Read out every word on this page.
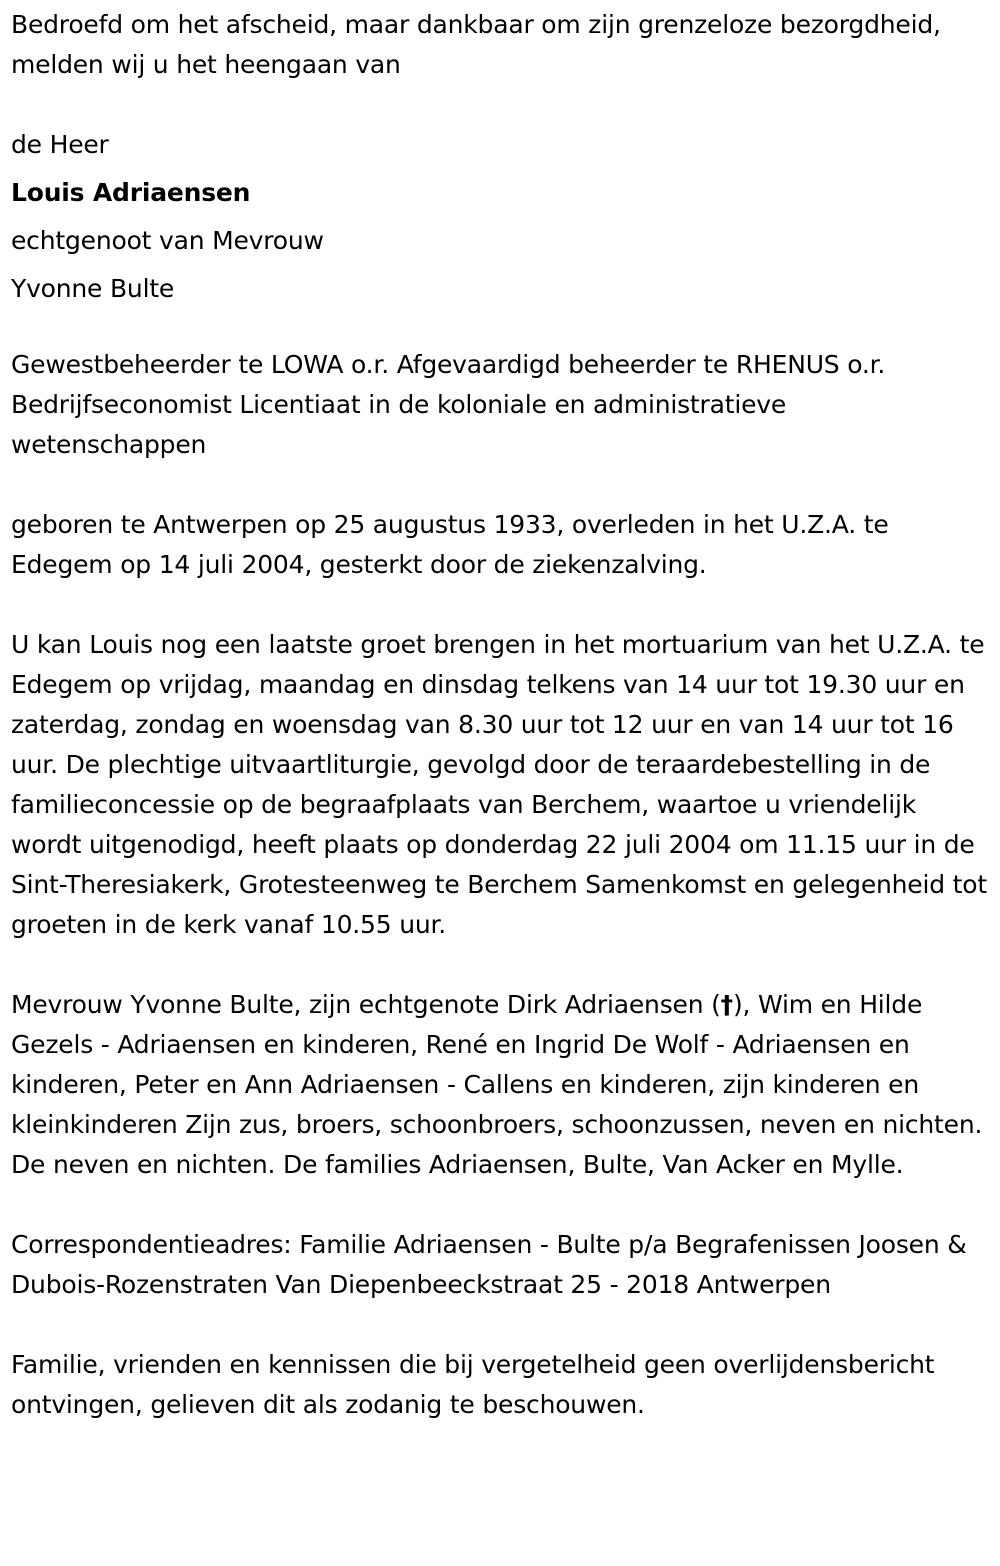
Bedroefd om het afscheid, maar dankbaar om zijn grenzeloze bezorgdheid, melden wij u het heengaan van

de Heer

Louis Adriaensen

echtgenoot van Mevrouw

Yvonne Bulte

Gewestbeheerder te LOWA o.r. Afgevaardigd beheerder te RHENUS o.r. Bedrijfseconomist Licentiaat in de koloniale en administratieve wetenschappen

geboren te Antwerpen op 25 augustus 1933, overleden in het U.Z.A. te Edegem op 14 juli 2004, gesterkt door de ziekenzalving.

U kan Louis nog een laatste groet brengen in het mortuarium van het U.Z.A. te Edegem op vrijdag, maandag en dinsdag telkens van 14 uur tot 19.30 uur en zaterdag, zondag en woensdag van 8.30 uur tot 12 uur en van 14 uur tot 16 uur. De plechtige uitvaartliturgie, gevolgd door de teraardebestelling in de familieconcessie op de begraafplaats van Berchem, waartoe u vriendelijk wordt uitgenodigd, heeft plaats op donderdag 22 juli 2004 om 11.15 uur in de Sint-Theresiakerk, Grotesteenweg te Berchem Samenkomst en gelegenheid tot groeten in de kerk vanaf 10.55 uur.

Mevrouw Yvonne Bulte, zijn echtgenote Dirk Adriaensen (†), Wim en Hilde Gezels - Adriaensen en kinderen, René en Ingrid De Wolf - Adriaensen en kinderen, Peter en Ann Adriaensen - Callens en kinderen, zijn kinderen en kleinkinderen Zijn zus, broers, schoonbroers, schoonzussen, neven en nichten. De neven en nichten. De families Adriaensen, Bulte, Van Acker en Mylle.

Correspondentieadres: Familie Adriaensen - Bulte p/a Begrafenissen Joosen & Dubois-Rozenstraten Van Diepenbeeckstraat 25 - 2018 Antwerpen

Familie, vrienden en kennissen die bij vergetelheid geen overlijdensbericht ontvingen, gelieven dit als zodanig te beschouwen.
